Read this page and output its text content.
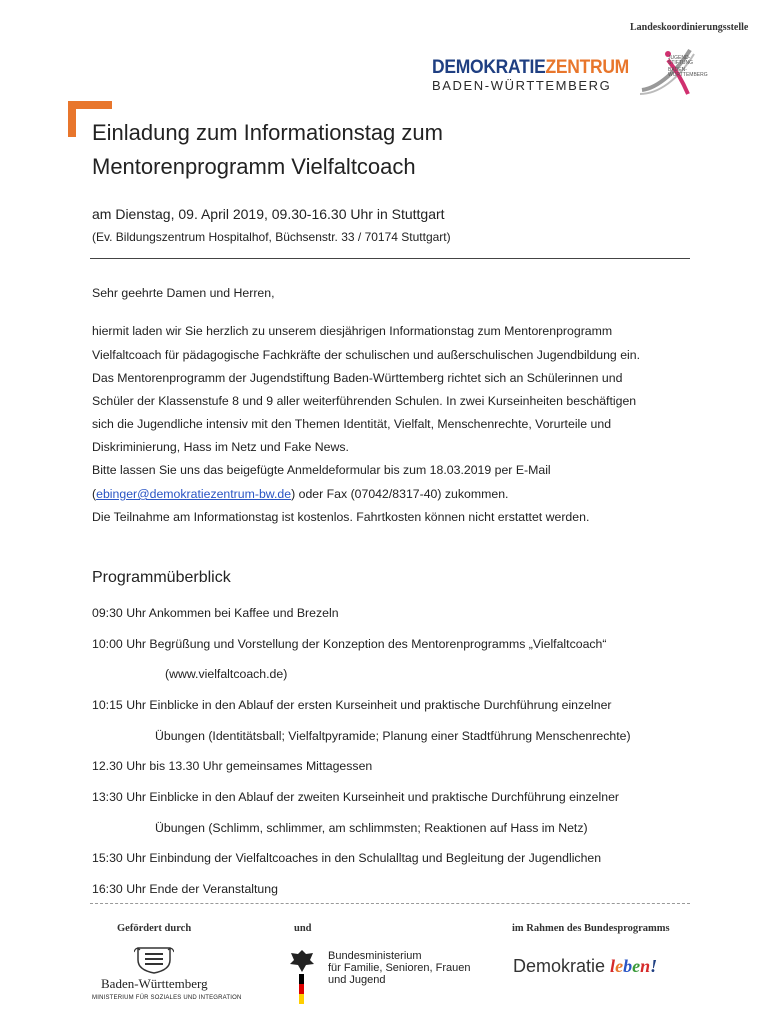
Landeskoordinierungsstelle
DEMOKRATIEZENTRUM
BADEN-WÜRTTEMBERG
JUGEND-
STIFTUNG
BADEN-
WÜRTTEMBERG
Einladung zum Informationstag zum
Mentorenprogramm Vielfaltcoach
am Dienstag, 09. April 2019, 09.30-16.30 Uhr in Stuttgart
(Ev. Bildungszentrum Hospitalhof, Büchsenstr. 33 / 70174 Stuttgart)
Sehr geehrte Damen und Herren,
hiermit laden wir Sie herzlich zu unserem diesjährigen Informationstag zum Mentorenprogramm
Vielfaltcoach für pädagogische Fachkräfte der schulischen und außerschulischen Jugendbildung ein.
Das Mentorenprogramm der Jugendstiftung Baden-Württemberg richtet sich an Schülerinnen und
Schüler der Klassenstufe 8 und 9 aller weiterführenden Schulen. In zwei Kurseinheiten beschäftigen
sich die Jugendliche intensiv mit den Themen Identität, Vielfalt, Menschenrechte, Vorurteile und
Diskriminierung, Hass im Netz und Fake News.
Bitte lassen Sie uns das beigefügte Anmeldeformular bis zum 18.03.2019 per E-Mail
(ebinger@demokratiezentrum-bw.de) oder Fax (07042/8317-40) zukommen.
Die Teilnahme am Informationstag ist kostenlos. Fahrtkosten können nicht erstattet werden.
Programmüberblick
09:30 Uhr Ankommen bei Kaffee und Brezeln
10:00 Uhr Begrüßung und Vorstellung der Konzeption des Mentorenprogramms „Vielfaltcoach“
(www.vielfaltcoach.de)
10:15 Uhr Einblicke in den Ablauf der ersten Kurseinheit und praktische Durchführung einzelner
Übungen (Identitätsball; Vielfaltpyramide; Planung einer Stadtführung Menschenrechte)
12.30 Uhr bis 13.30 Uhr gemeinsames Mittagessen
13:30 Uhr Einblicke in den Ablauf der zweiten Kurseinheit und praktische Durchführung einzelner
Übungen (Schlimm, schlimmer, am schlimmsten; Reaktionen auf Hass im Netz)
15:30 Uhr Einbindung der Vielfaltcoaches in den Schulalltag und Begleitung der Jugendlichen
16:30 Uhr Ende der Veranstaltung
Gefördert durch	und	im Rahmen des Bundesprogramms
Baden-Württemberg
MINISTERIUM FÜR SOZIALES UND INTEGRATION
Bundesministerium
für Familie, Senioren, Frauen
und Jugend
Demokratie leben!
